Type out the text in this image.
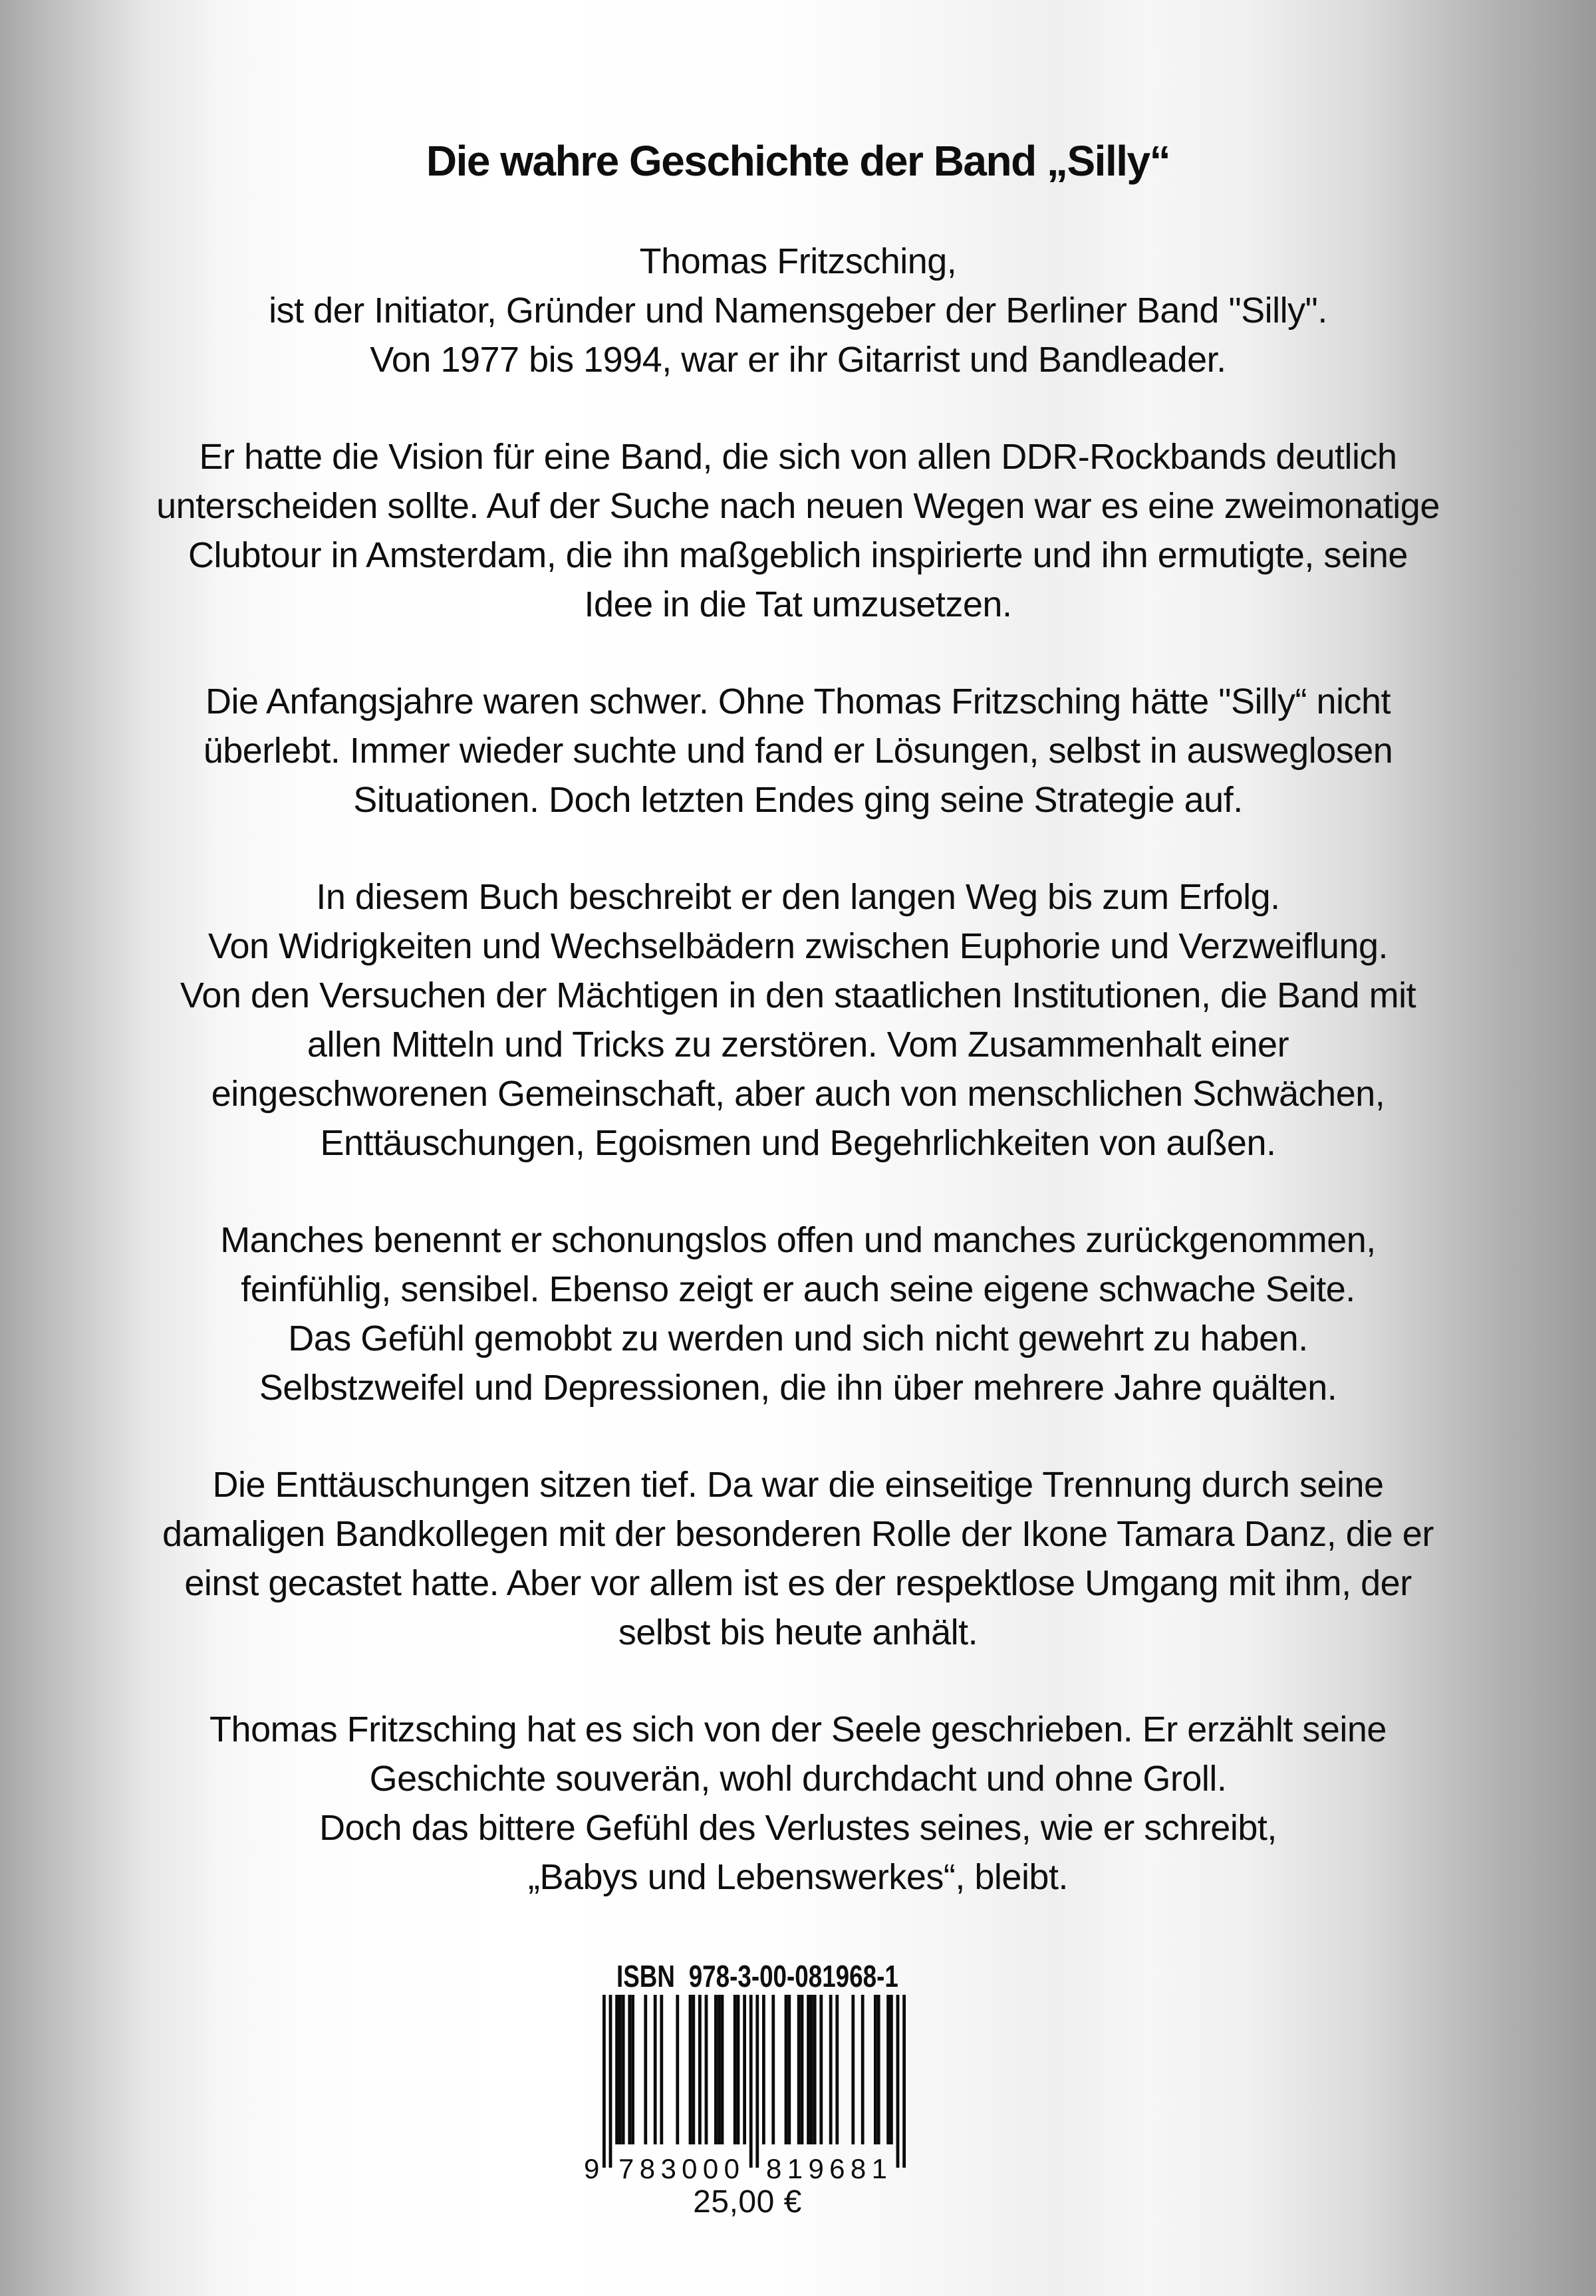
Die wahre Geschichte der Band „Silly“
Thomas Fritzsching,
ist der Initiator, Gründer und Namensgeber der Berliner Band "Silly".
Von 1977 bis 1994, war er ihr Gitarrist und Bandleader.
Er hatte die Vision für eine Band, die sich von allen DDR-Rockbands deutlich
unterscheiden sollte. Auf der Suche nach neuen Wegen war es eine zweimonatige
Clubtour in Amsterdam, die ihn maßgeblich inspirierte und ihn ermutigte, seine
Idee in die Tat umzusetzen.
Die Anfangsjahre waren schwer. Ohne Thomas Fritzsching hätte "Silly“ nicht
überlebt. Immer wieder suchte und fand er Lösungen, selbst in ausweglosen
Situationen. Doch letzten Endes ging seine Strategie auf.
In diesem Buch beschreibt er den langen Weg bis zum Erfolg.
Von Widrigkeiten und Wechselbädern zwischen Euphorie und Verzweiflung.
Von den Versuchen der Mächtigen in den staatlichen Institutionen, die Band mit
allen Mitteln und Tricks zu zerstören. Vom Zusammenhalt einer
eingeschworenen Gemeinschaft, aber auch von menschlichen Schwächen,
Enttäuschungen, Egoismen und Begehrlichkeiten von außen.
Manches benennt er schonungslos offen und manches zurückgenommen,
feinfühlig, sensibel. Ebenso zeigt er auch seine eigene schwache Seite.
Das Gefühl gemobbt zu werden und sich nicht gewehrt zu haben.
Selbstzweifel und Depressionen, die ihn über mehrere Jahre quälten.
Die Enttäuschungen sitzen tief. Da war die einseitige Trennung durch seine
damaligen Bandkollegen mit der besonderen Rolle der Ikone Tamara Danz, die er
einst gecastet hatte. Aber vor allem ist es der respektlose Umgang mit ihm, der
selbst bis heute anhält.
Thomas Fritzsching hat es sich von der Seele geschrieben. Er erzählt seine
Geschichte souverän, wohl durchdacht und ohne Groll.
Doch das bittere Gefühl des Verlustes seines, wie er schreibt,
„Babys und Lebenswerkes“, bleibt.
ISBN 978-3-00-081968-1
9 783000 819681
25,00 €
